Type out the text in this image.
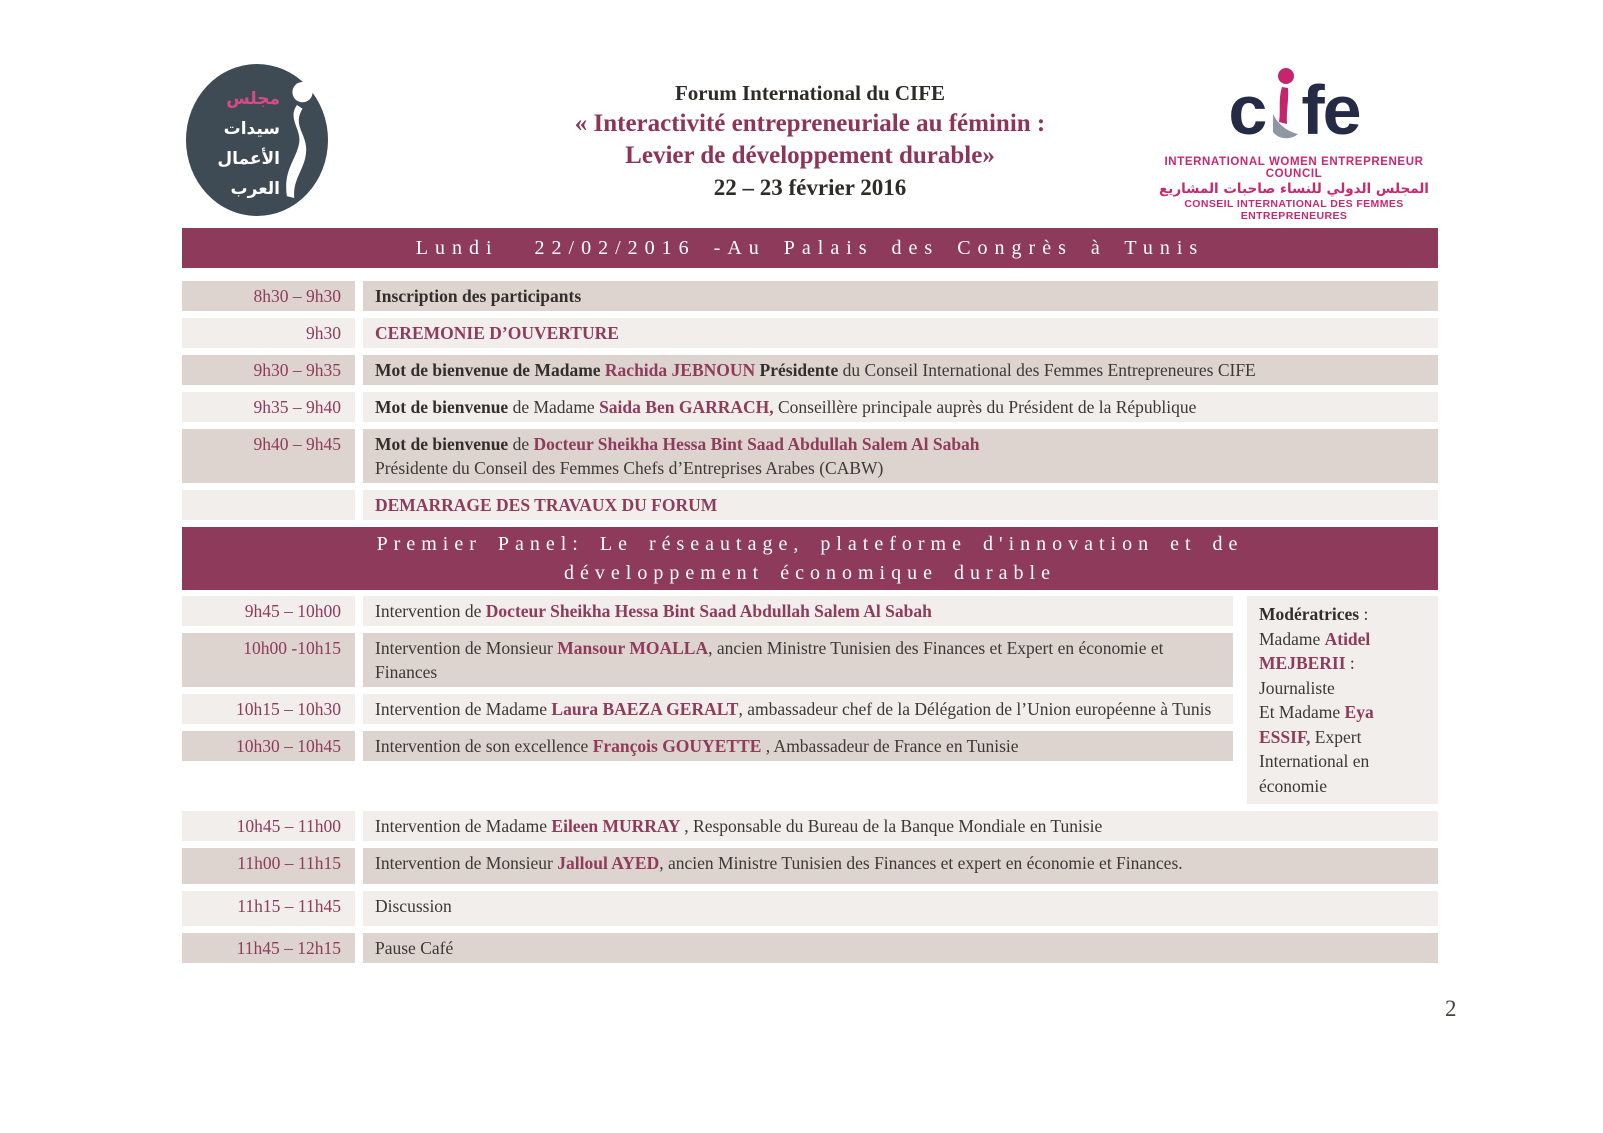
مجلس
سيدات
الأعمال
العرب
Forum International du CIFE
« Interactivité entrepreneuriale au féminin :
Levier de développement durable»
22 – 23 février 2016
c fe
INTERNATIONAL WOMEN ENTREPRENEUR COUNCIL
المجلس الدولي للنساء صاحبات المشاريع
CONSEIL INTERNATIONAL DES FEMMES ENTREPRENEURES
Lundi  22/02/2016 -Au Palais des Congrès à Tunis
8h30 – 9h30	Inscription des participants
9h30	CEREMONIE D’OUVERTURE
9h30 – 9h35	Mot de bienvenue de Madame Rachida JEBNOUN Présidente du Conseil International des Femmes Entrepreneures CIFE
9h35 – 9h40	Mot de bienvenue de Madame Saida Ben GARRACH, Conseillère principale auprès du Président de la République
9h40 – 9h45	Mot de bienvenue de Docteur Sheikha Hessa Bint Saad Abdullah Salem Al Sabah
Présidente du Conseil des Femmes Chefs d’Entreprises Arabes (CABW)
DEMARRAGE DES TRAVAUX DU FORUM
Premier Panel: Le réseautage, plateforme d'innovation et de
développement économique durable
9h45 – 10h00	Intervention de Docteur Sheikha Hessa Bint Saad Abdullah Salem Al Sabah
10h00 -10h15	Intervention de Monsieur Mansour MOALLA, ancien Ministre Tunisien des Finances et Expert en économie et Finances
10h15 – 10h30	Intervention de Madame Laura BAEZA GERALT, ambassadeur chef de la Délégation de l’Union européenne à Tunis
10h30 – 10h45	Intervention de son excellence François GOUYETTE , Ambassadeur de France en Tunisie
Modératrices :
Madame Atidel MEJBERII : Journaliste
Et Madame Eya ESSIF, Expert International en économie
10h45 – 11h00	Intervention de Madame Eileen MURRAY , Responsable du Bureau de la Banque Mondiale en Tunisie
11h00 – 11h15	Intervention de Monsieur Jalloul AYED, ancien Ministre Tunisien des Finances et expert en économie et Finances.
11h15 – 11h45	Discussion
11h45 – 12h15	Pause Café
2
